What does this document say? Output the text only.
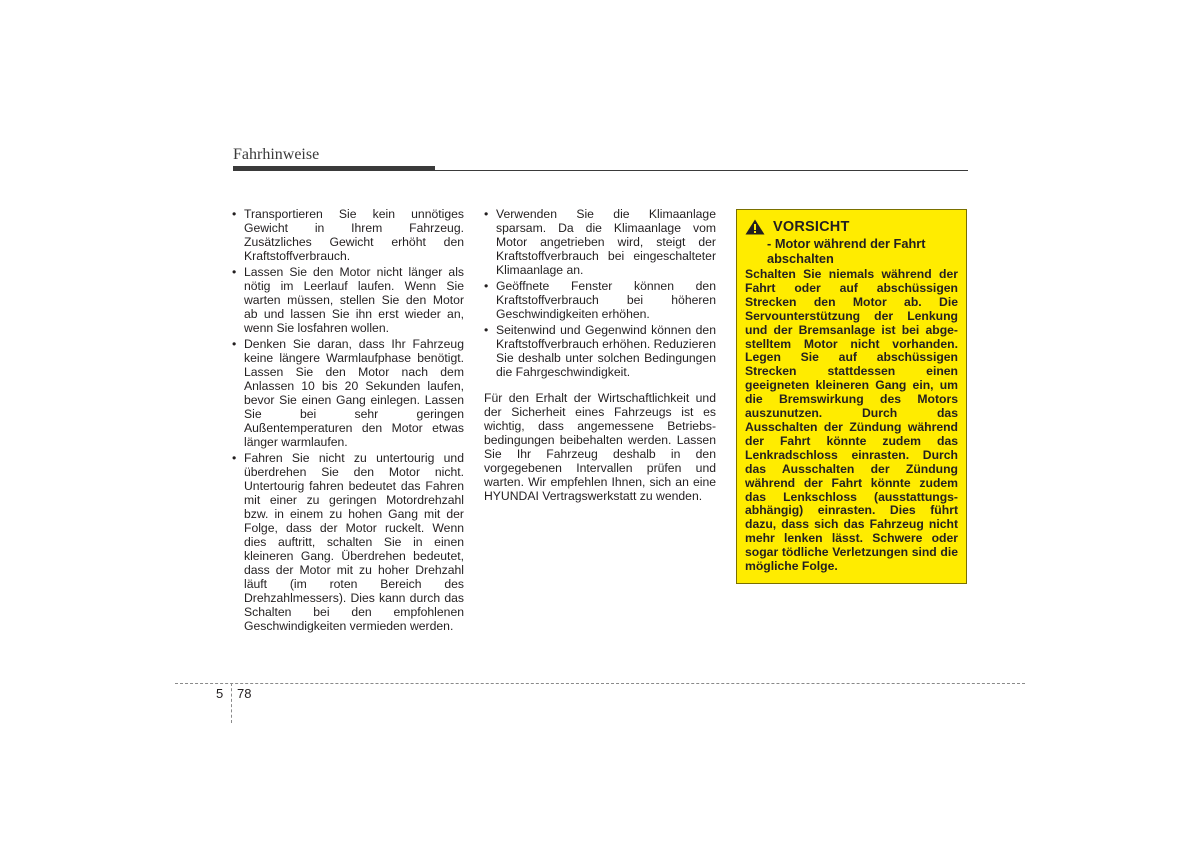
Fahrhinweise
• Transportieren Sie kein unnötiges Gewicht in Ihrem Fahrzeug. Zusätzliches Gewicht erhöht den Kraftstoffverbrauch.
• Lassen Sie den Motor nicht länger als nötig im Leerlauf laufen. Wenn Sie warten müssen, stellen Sie den Motor ab und lassen Sie ihn erst wieder an, wenn Sie losfahren wollen.
• Denken Sie daran, dass Ihr Fahrzeug keine längere Warmlaufphase benötigt. Lassen Sie den Motor nach dem Anlassen 10 bis 20 Sekunden laufen, bevor Sie einen Gang einlegen. Lassen Sie bei sehr geringen Außentemperaturen den Motor etwas länger warmlaufen.
• Fahren Sie nicht zu untertourig und überdrehen Sie den Motor nicht. Untertourig fahren bedeutet das Fahren mit einer zu geringen Motordrehzahl bzw. in einem zu hohen Gang mit der Folge, dass der Motor ruckelt. Wenn dies auftritt, schalten Sie in einen kleineren Gang. Überdrehen bedeutet, dass der Motor mit zu hoher Drehzahl läuft (im roten Bereich des Drehzahlmessers). Dies kann durch das Schalten bei den empfohlenen Geschwindigkeiten vermieden werden.
• Verwenden Sie die Klimaanlage sparsam. Da die Klimaanlage vom Motor angetrieben wird, steigt der Kraftstoffverbrauch bei eingeschalteter Klimaanlage an.
• Geöffnete Fenster können den Kraftstoffverbrauch bei höheren Geschwindigkeiten erhöhen.
• Seitenwind und Gegenwind können den Kraftstoffverbrauch erhöhen. Reduzieren Sie deshalb unter solchen Bedingungen die Fahrgeschwindigkeit.

Für den Erhalt der Wirtschaftlichkeit und der Sicherheit eines Fahrzeugs ist es wichtig, dass angemessene Betriebs-bedingungen beibehalten werden. Lassen Sie Ihr Fahrzeug deshalb in den vorgegebenen Intervallen prüfen und warten. Wir empfehlen Ihnen, sich an eine HYUNDAI Vertragswerkstatt zu wenden.

VORSICHT
- Motor während der Fahrt abschalten
Schalten Sie niemals während der Fahrt oder auf abschüssigen Strecken den Motor ab. Die Servounterstützung der Lenkung und der Bremsanlage ist bei abge-stelltem Motor nicht vorhanden. Legen Sie auf abschüssigen Strecken stattdessen einen geeigneten kleineren Gang ein, um die Bremswirkung des Motors auszunutzen. Durch das Ausschalten der Zündung während der Fahrt könnte zudem das Lenkradschloss einrasten. Durch das Ausschalten der Zündung während der Fahrt könnte zudem das Lenkschloss (ausstattungs-abhängig) einrasten. Dies führt dazu, dass sich das Fahrzeug nicht mehr lenken lässt. Schwere oder sogar tödliche Verletzungen sind die mögliche Folge.
5 78
